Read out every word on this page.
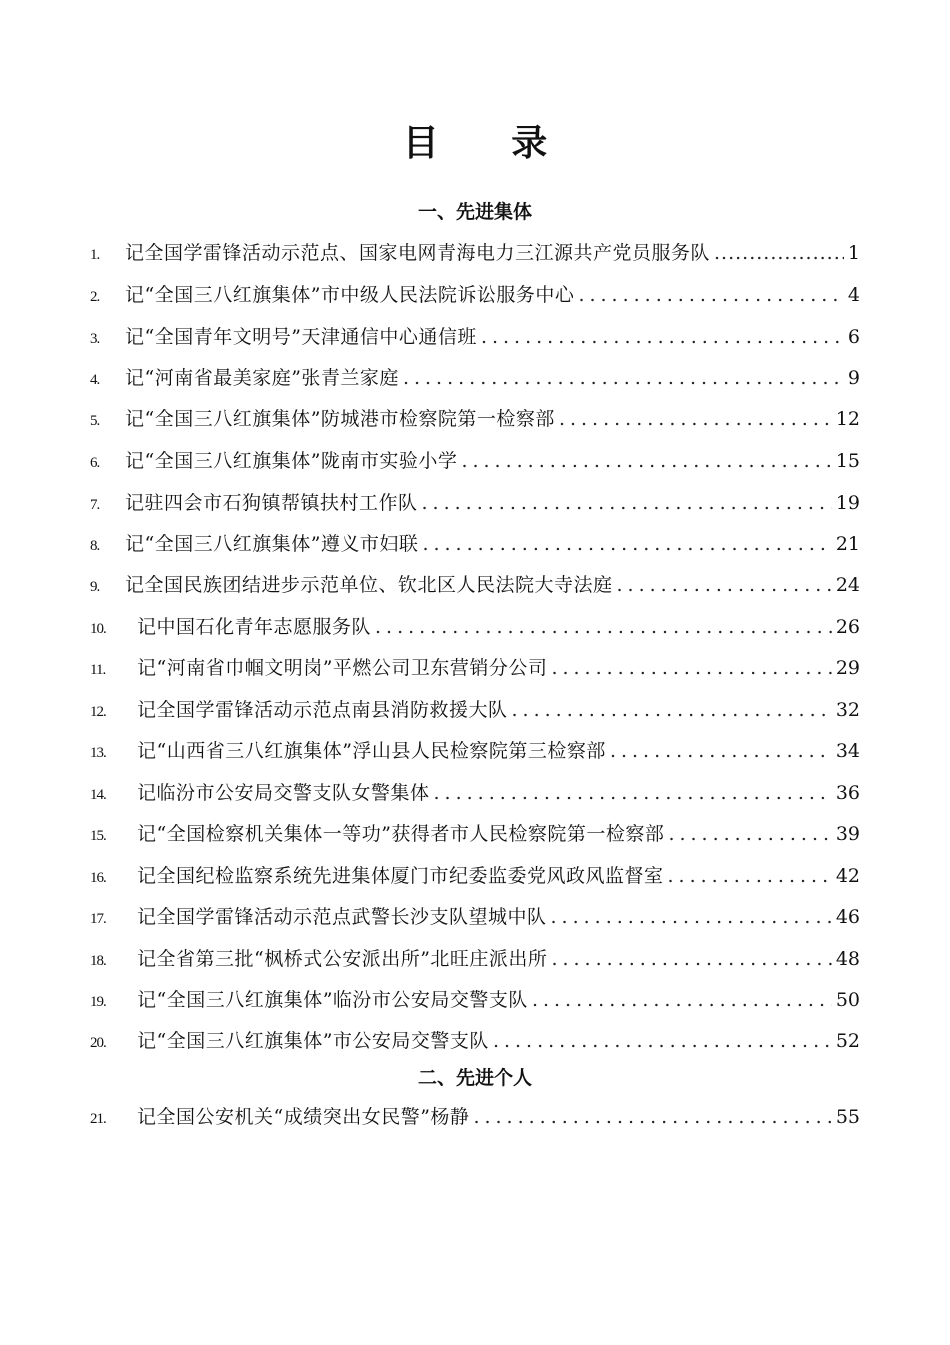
目 录
一、先进集体
1.	记全国学雷锋活动示范点、国家电网青海电力三江源共产党员服务队 .....	1
2.	记“全国三八红旗集体”市中级人民法院诉讼服务中心 .....	4
3.	记“全国青年文明号”天津通信中心通信班 .....	6
4.	记“河南省最美家庭”张青兰家庭 .....	9
5.	记“全国三八红旗集体”防城港市检察院第一检察部 .....	12
6.	记“全国三八红旗集体”陇南市实验小学 .....	15
7.	记驻四会市石狗镇帮镇扶村工作队 .....	19
8.	记“全国三八红旗集体”遵义市妇联 .....	21
9.	记全国民族团结进步示范单位、钦北区人民法院大寺法庭 .....	24
10.	记中国石化青年志愿服务队 .....	26
11.	记“河南省巾帼文明岗”平燃公司卫东营销分公司 .....	29
12.	记全国学雷锋活动示范点南县消防救援大队 .....	32
13.	记“山西省三八红旗集体”浮山县人民检察院第三检察部 .....	34
14.	记临汾市公安局交警支队女警集体 .....	36
15.	记“全国检察机关集体一等功”获得者市人民检察院第一检察部 .....	39
16.	记全国纪检监察系统先进集体厦门市纪委监委党风政风监督室 .....	42
17.	记全国学雷锋活动示范点武警长沙支队望城中队 .....	46
18.	记全省第三批“枫桥式公安派出所”北旺庄派出所 .....	48
19.	记“全国三八红旗集体”临汾市公安局交警支队 .....	50
20.	记“全国三八红旗集体”市公安局交警支队 .....	52
二、先进个人
21.	记全国公安机关“成绩突出女民警”杨静 .....	55
